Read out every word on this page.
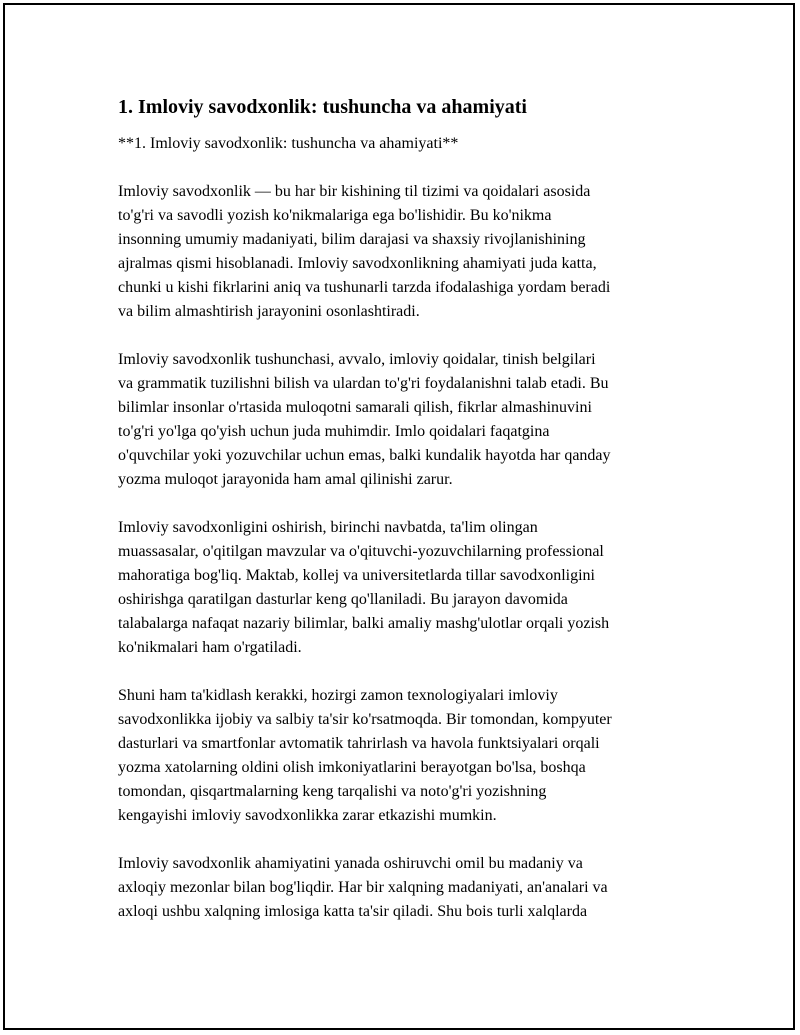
1. Imloviy savodxonlik: tushuncha va ahamiyati
**1. Imloviy savodxonlik: tushuncha va ahamiyati**
Imloviy savodxonlik — bu har bir kishining til tizimi va qoidalari asosida
to'g'ri va savodli yozish ko'nikmalariga ega bo'lishidir. Bu ko'nikma
insonning umumiy madaniyati, bilim darajasi va shaxsiy rivojlanishining
ajralmas qismi hisoblanadi. Imloviy savodxonlikning ahamiyati juda katta,
chunki u kishi fikrlarini aniq va tushunarli tarzda ifodalashiga yordam beradi
va bilim almashtirish jarayonini osonlashtiradi.
Imloviy savodxonlik tushunchasi, avvalo, imloviy qoidalar, tinish belgilari
va grammatik tuzilishni bilish va ulardan to'g'ri foydalanishni talab etadi. Bu
bilimlar insonlar o'rtasida muloqotni samarali qilish, fikrlar almashinuvini
to'g'ri yo'lga qo'yish uchun juda muhimdir. Imlo qoidalari faqatgina
o'quvchilar yoki yozuvchilar uchun emas, balki kundalik hayotda har qanday
yozma muloqot jarayonida ham amal qilinishi zarur.
Imloviy savodxonligini oshirish, birinchi navbatda, ta'lim olingan
muassasalar, o'qitilgan mavzular va o'qituvchi-yozuvchilarning professional
mahoratiga bog'liq. Maktab, kollej va universitetlarda tillar savodxonligini
oshirishga qaratilgan dasturlar keng qo'llaniladi. Bu jarayon davomida
talabalarga nafaqat nazariy bilimlar, balki amaliy mashg'ulotlar orqali yozish
ko'nikmalari ham o'rgatiladi.
Shuni ham ta'kidlash kerakki, hozirgi zamon texnologiyalari imloviy
savodxonlikka ijobiy va salbiy ta'sir ko'rsatmoqda. Bir tomondan, kompyuter
dasturlari va smartfonlar avtomatik tahrirlash va havola funktsiyalari orqali
yozma xatolarning oldini olish imkoniyatlarini berayotgan bo'lsa, boshqa
tomondan, qisqartmalarning keng tarqalishi va noto'g'ri yozishning
kengayishi imloviy savodxonlikka zarar etkazishi mumkin.
Imloviy savodxonlik ahamiyatini yanada oshiruvchi omil bu madaniy va
axloqiy mezonlar bilan bog'liqdir. Har bir xalqning madaniyati, an'analari va
axloqi ushbu xalqning imlosiga katta ta'sir qiladi. Shu bois turli xalqlarda
